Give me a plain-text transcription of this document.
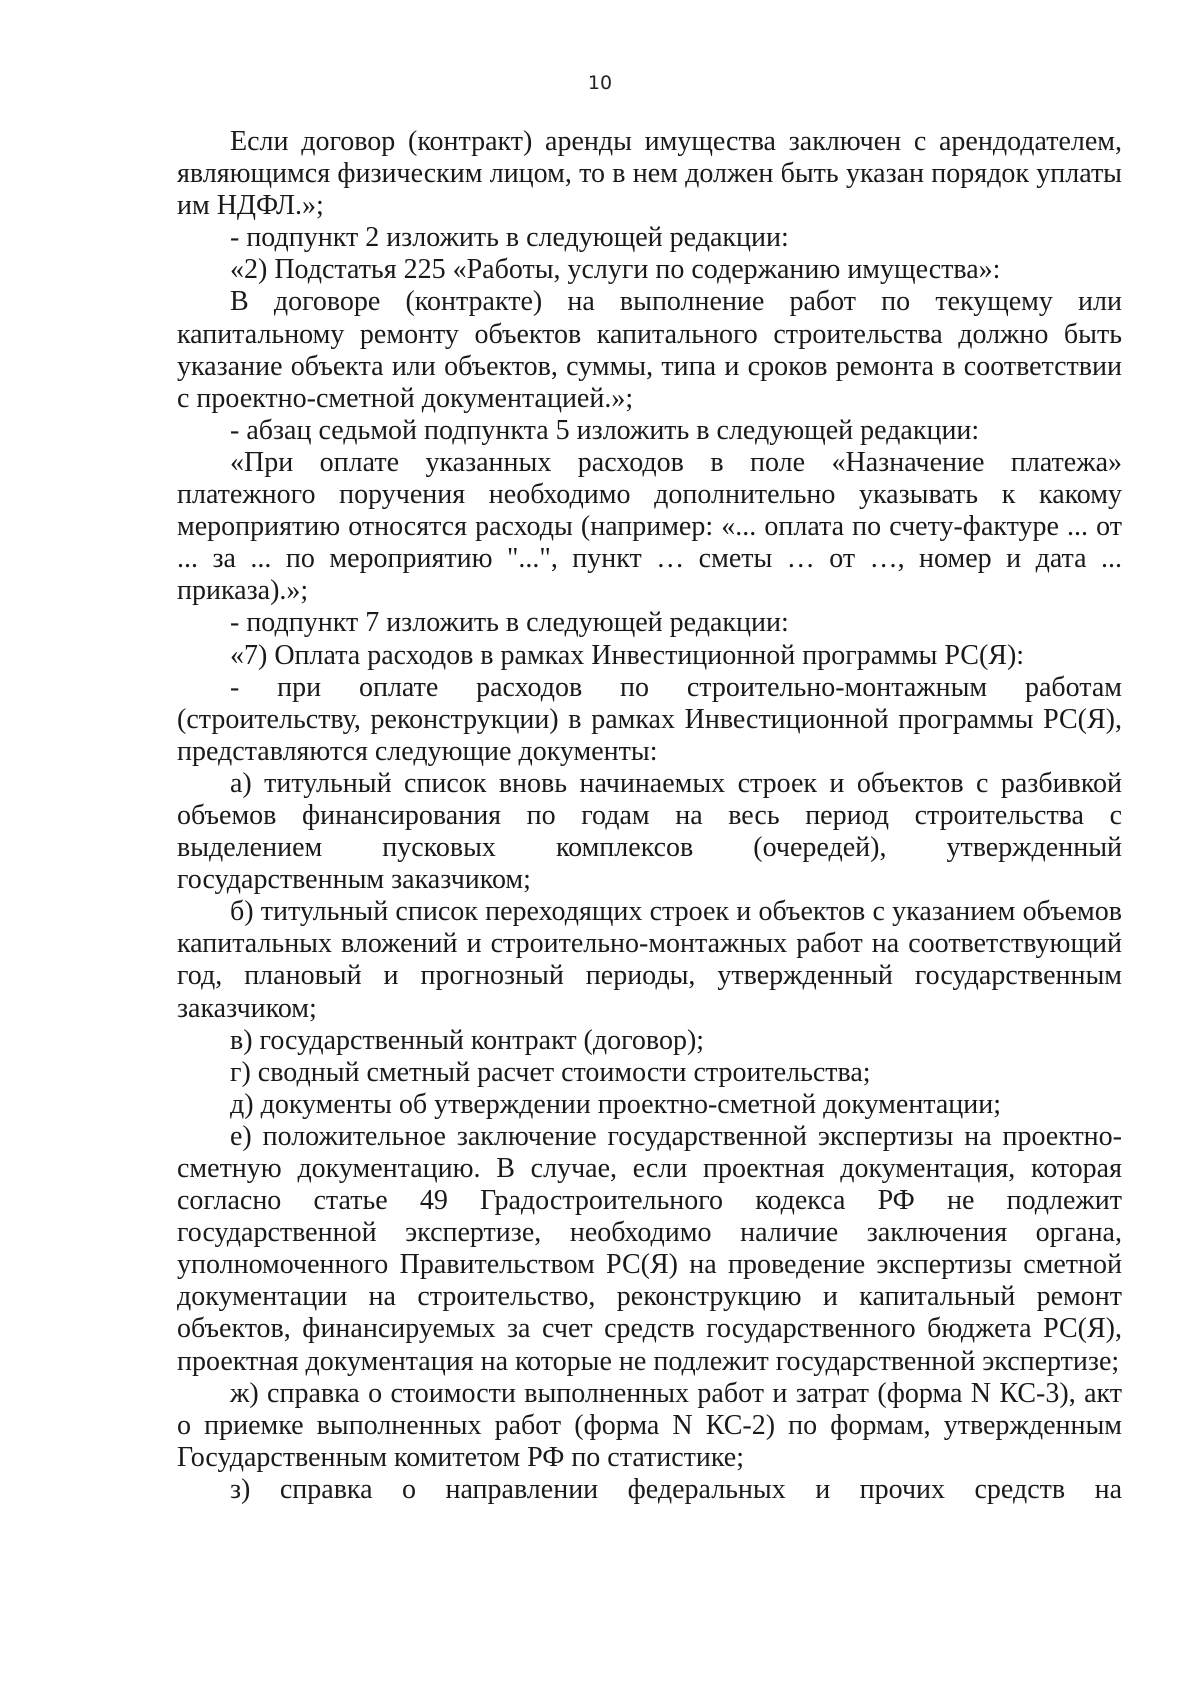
10

Если договор (контракт) аренды имущества заключен с арендодателем, являющимся физическим лицом, то в нем должен быть указан порядок уплаты им НДФЛ.»;

- подпункт 2 изложить в следующей редакции:

«2) Подстатья 225 «Работы, услуги по содержанию имущества»:

В договоре (контракте) на выполнение работ по текущему или капитальному ремонту объектов капитального строительства должно быть указание объекта или объектов, суммы, типа и сроков ремонта в соответствии с проектно-сметной документацией.»;

- абзац седьмой подпункта 5 изложить в следующей редакции:

«При оплате указанных расходов в поле «Назначение платежа» платежного поручения необходимо дополнительно указывать к какому мероприятию относятся расходы (например: «... оплата по счету-фактуре ... от ... за ... по мероприятию "...", пункт … сметы … от …, номер и дата ... приказа).»;

- подпункт 7 изложить в следующей редакции:

«7) Оплата расходов в рамках Инвестиционной программы РС(Я):

- при оплате расходов по строительно-монтажным работам (строительству, реконструкции) в рамках Инвестиционной программы РС(Я), представляются следующие документы:

а) титульный список вновь начинаемых строек и объектов с разбивкой объемов финансирования по годам на весь период строительства с выделением пусковых комплексов (очередей), утвержденный государственным заказчиком;

б) титульный список переходящих строек и объектов с указанием объемов капитальных вложений и строительно-монтажных работ на соответствующий год, плановый и прогнозный периоды, утвержденный государственным заказчиком;

в) государственный контракт (договор);

г) сводный сметный расчет стоимости строительства;

д) документы об утверждении проектно-сметной документации;

е) положительное заключение государственной экспертизы на проектно-сметную документацию. В случае, если проектная документация, которая согласно статье 49 Градостроительного кодекса РФ не подлежит государственной экспертизе, необходимо наличие заключения органа, уполномоченного Правительством РС(Я) на проведение экспертизы сметной документации на строительство, реконструкцию и капитальный ремонт объектов, финансируемых за счет средств государственного бюджета РС(Я), проектная документация на которые не подлежит государственной экспертизе;

ж) справка о стоимости выполненных работ и затрат (форма N КС-3), акт о приемке выполненных работ (форма N КС-2) по формам, утвержденным Государственным комитетом РФ по статистике;

з) справка о направлении федеральных и прочих средств на
